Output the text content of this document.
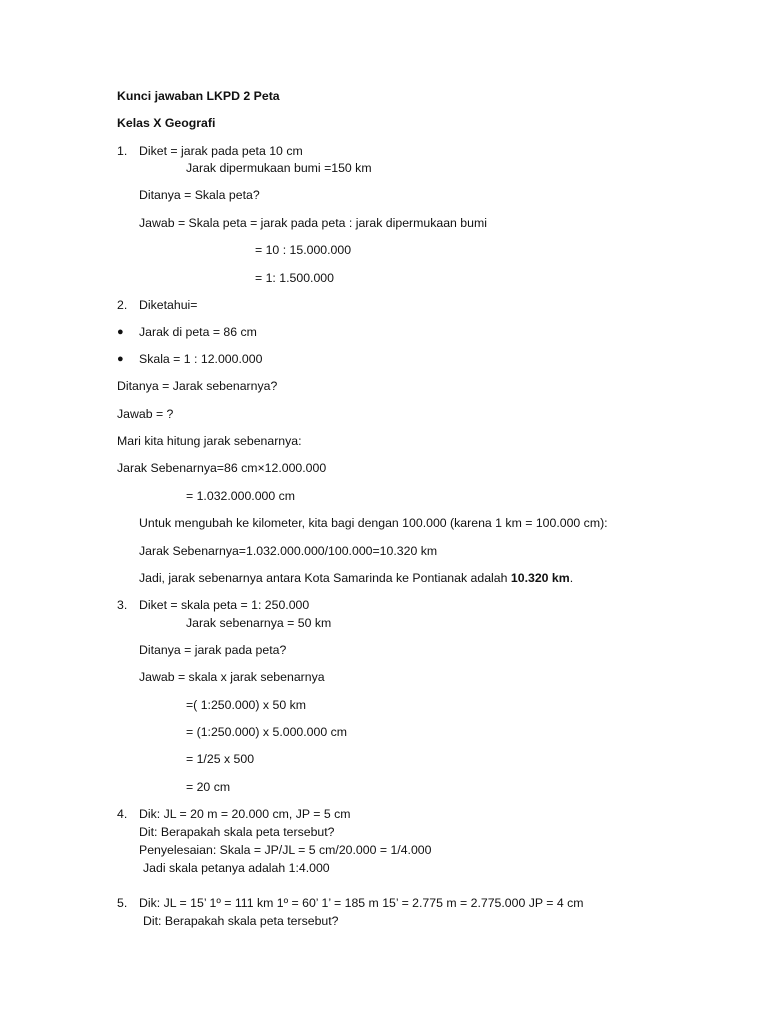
Kunci jawaban LKPD 2 Peta
Kelas X Geografi
1. Diket = jarak pada peta 10 cm
Jarak dipermukaan bumi =150 km
Ditanya = Skala peta?
Jawab = Skala peta = jarak pada peta : jarak dipermukaan bumi
= 10 : 15.000.000
= 1: 1.500.000
2. Diketahui=
● Jarak di peta = 86 cm
● Skala = 1 : 12.000.000
Ditanya = Jarak sebenarnya?
Jawab = ?
Mari kita hitung jarak sebenarnya:
Jarak Sebenarnya=86 cm×12.000.000
= 1.032.000.000 cm
Untuk mengubah ke kilometer, kita bagi dengan 100.000 (karena 1 km = 100.000 cm):
Jarak Sebenarnya=1.032.000.000/100.000=10.320 km
Jadi, jarak sebenarnya antara Kota Samarinda ke Pontianak adalah 10.320 km.
3. Diket = skala peta = 1: 250.000
Jarak sebenarnya = 50 km
Ditanya = jarak pada peta?
Jawab = skala x jarak sebenarnya
=( 1:250.000) x 50 km
= (1:250.000) x 5.000.000 cm
= 1/25 x 500
= 20 cm
4. Dik: JL = 20 m = 20.000 cm, JP = 5 cm
Dit: Berapakah skala peta tersebut?
Penyelesaian: Skala = JP/JL = 5 cm/20.000 = 1/4.000
Jadi skala petanya adalah 1:4.000
5. Dik: JL = 15’ 1º = 111 km 1º = 60’ 1’ = 185 m 15’ = 2.775 m = 2.775.000 JP = 4 cm
Dit: Berapakah skala peta tersebut?
